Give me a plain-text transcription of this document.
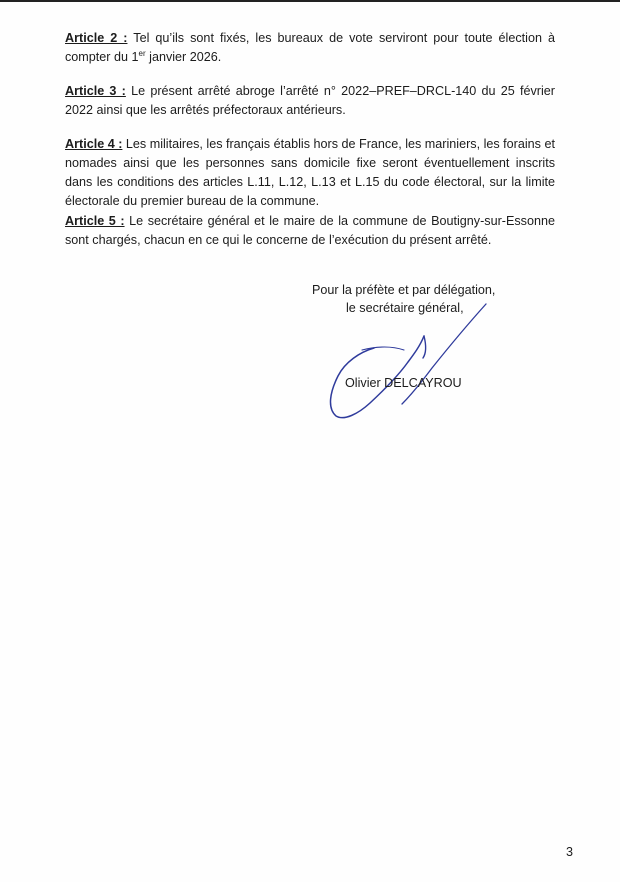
Article 2 : Tel qu’ils sont fixés, les bureaux de vote serviront pour toute élection à compter du 1er janvier 2026.

Article 3 : Le présent arrêté abroge l’arrêté n° 2022–PREF–DRCL-140 du 25 février 2022 ainsi que les arrêtés préfectoraux antérieurs.

Article 4 : Les militaires, les français établis hors de France, les mariniers, les forains et nomades ainsi que les personnes sans domicile fixe seront éventuellement inscrits dans les conditions des articles L.11, L.12, L.13 et L.15 du code électoral, sur la limite électorale du premier bureau de la commune.

Article 5 : Le secrétaire général et le maire de la commune de Boutigny-sur-Essonne sont chargés, chacun en ce qui le concerne de l’exécution du présent arrêté.

Pour la préfète et par délégation,
le secrétaire général,
Olivier DELCAYROU
3
